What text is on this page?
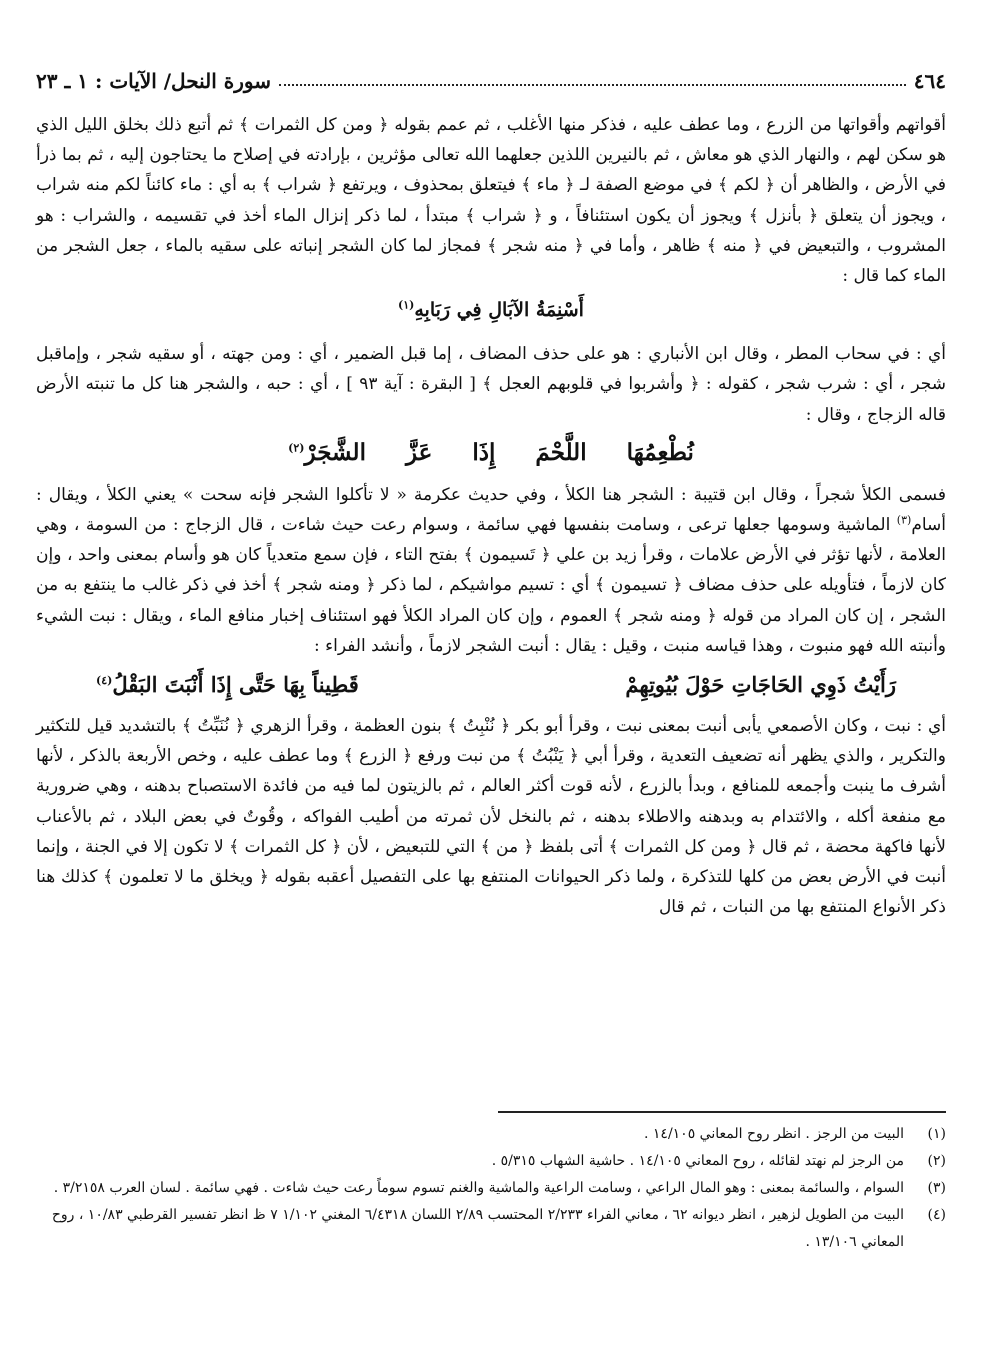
٤٦٤
سورة النحل/ الآيات : ١ ـ ٢٣

أقواتهم وأقواتها من الزرع ، وما عطف عليه ، فذكر منها الأغلب ، ثم عمم بقوله ﴿ ومن كل الثمرات ﴾ ثم أتبع ذلك بخلق الليل الذي هو سكن لهم ، والنهار الذي هو معاش ، ثم بالنيرين اللذين جعلهما الله تعالى مؤثرين ، بإرادته في إصلاح ما يحتاجون إليه ، ثم بما ذرأ في الأرض ، والظاهر أن ﴿ لكم ﴾ في موضع الصفة لـ ﴿ ماء ﴾ فيتعلق بمحذوف ، ويرتفع ﴿ شراب ﴾ به أي : ماء كائناً لكم منه شراب ، ويجوز أن يتعلق ﴿ بأنزل ﴾ ويجوز أن يكون استئنافاً ، و ﴿ شراب ﴾ مبتدأ ، لما ذكر إنزال الماء أخذ في تقسيمه ، والشراب : هو المشروب ، والتبعيض في ﴿ منه ﴾ ظاهر ، وأما في ﴿ منه شجر ﴾ فمجاز لما كان الشجر إنباته على سقيه بالماء ، جعل الشجر من الماء كما قال :

أَسْنِمَةُ الآبَالِ فِي رَبَابِهِ$^{(١)}$

أي : في سحاب المطر ، وقال ابن الأنباري : هو على حذف المضاف ، إما قبل الضمير ، أي : ومن جهته ، أو سقيه شجر ، وإماقبل شجر ، أي : شرب شجر ، كقوله : ﴿ وأشربوا في قلوبهم العجل ﴾ [ البقرة : آية ٩٣ ] ، أي : حبه ، والشجر هنا كل ما تنبته الأرض قاله الزجاج ، وقال :

نُطْعِمُهَا اللَّحْمَ إِذَا عَزَّ الشَّجَرْ$^{(٢)}$

فسمى الكلأ شجراً ، وقال ابن قتيبة : الشجر هنا الكلأ ، وفي حديث عكرمة « لا تأكلوا الشجر فإنه سحت » يعني الكلأ ، ويقال : أسام$^{(٣)}$ الماشية وسومها جعلها ترعى ، وسامت بنفسها فهي سائمة ، وسوام رعت حيث شاءت ، قال الزجاج : من السومة ، وهي العلامة ، لأنها تؤثر في الأرض علامات ، وقرأ زيد بن علي ﴿ تَسيمون ﴾ بفتح التاء ، فإن سمع متعدياً كان هو وأسام بمعنى واحد ، وإن كان لازماً ، فتأويله على حذف مضاف ﴿ تسيمون ﴾ أي : تسيم مواشيكم ، لما ذكر ﴿ ومنه شجر ﴾ أخذ في ذكر غالب ما ينتفع به من الشجر ، إن كان المراد من قوله ﴿ ومنه شجر ﴾ العموم ، وإن كان المراد الكلأ فهو استئناف إخبار منافع الماء ، ويقال : نبت الشيء وأنبته الله فهو منبوت ، وهذا قياسه منبت ، وقيل : يقال : أنبت الشجر لازماً ، وأنشد الفراء :

رَأَيْتُ ذَوِي الحَاجَاتِ حَوْلَ بُيُوتِهِمْ
قَطِيناً بِهَا حَتَّى إِذَا أَنْبَتَ البَقْلُ$^{(٤)}$

أي : نبت ، وكان الأصمعي يأبى أنبت بمعنى نبت ، وقرأ أبو بكر ﴿ نُنْبِتُ ﴾ بنون العظمة ، وقرأ الزهري ﴿ نُنَبِّتُ ﴾ بالتشديد قيل للتكثير والتكرير ، والذي يظهر أنه تضعيف التعدية ، وقرأ أبي ﴿ يَنْبُتُ ﴾ من نبت ورفع ﴿ الزرع ﴾ وما عطف عليه ، وخص الأربعة بالذكر ، لأنها أشرف ما ينبت وأجمعه للمنافع ، وبدأ بالزرع ، لأنه قوت أكثر العالم ، ثم بالزيتون لما فيه من فائدة الاستصباح بدهنه ، وهي ضرورية مع منفعة أكله ، والائتدام به وبدهنه والاطلاء بدهنه ، ثم بالنخل لأن ثمرته من أطيب الفواكه ، وقُوتٌ في بعض البلاد ، ثم بالأعناب لأنها فاكهة محضة ، ثم قال ﴿ ومن كل الثمرات ﴾ أتى بلفظ ﴿ من ﴾ التي للتبعيض ، لأن ﴿ كل الثمرات ﴾ لا تكون إلا في الجنة ، وإنما أنبت في الأرض بعض من كلها للتذكرة ، ولما ذكر الحيوانات المنتفع بها على التفصيل أعقبه بقوله ﴿ ويخلق ما لا تعلمون ﴾ كذلك هنا ذكر الأنواع المنتفع بها من النبات ، ثم قال

(١)
البيت من الرجز . انظر روح المعاني ١٤/١٠٥ .
(٢)
من الرجز لم نهتد لقائله ، روح المعاني ١٤/١٠٥ . حاشية الشهاب ٥/٣١٥ .
(٣)
السوام ، والسائمة بمعنى : وهو المال الراعي ، وسامت الراعية والماشية والغنم تسوم سوماً رعت حيث شاءت . فهي سائمة . لسان العرب ٣/٢١٥٨ .
(٤)
البيت من الطويل لزهير ، انظر ديوانه ٦٢ ، معاني الفراء ٢/٢٣٣ المحتسب ٢/٨٩ اللسان ٦/٤٣١٨ المغني ١/١٠٢ ٧ ظ انظر تفسير القرطبي ١٠/٨٣ ، روح المعاني ١٣/١٠٦ .
